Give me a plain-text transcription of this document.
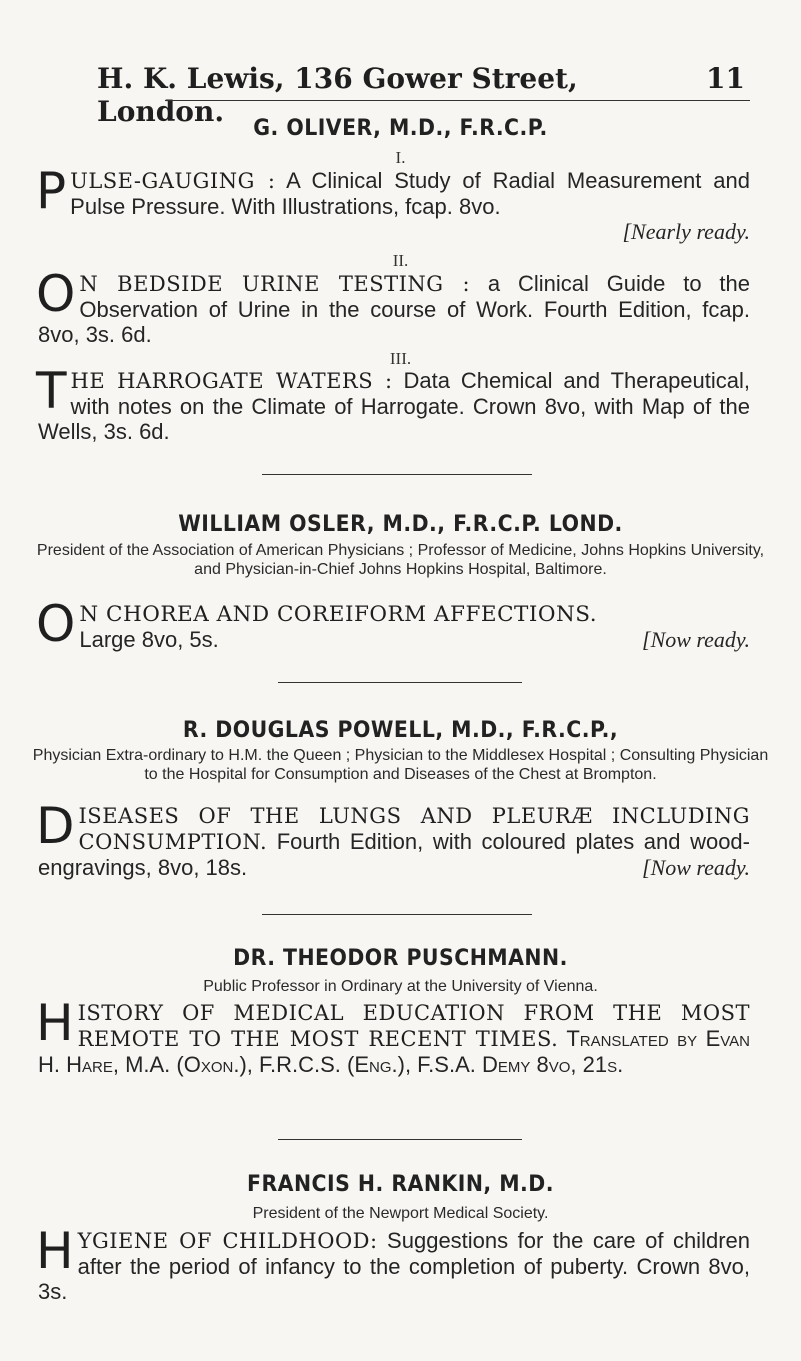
H. K. Lewis, 136 Gower Street, London.
11
G. OLIVER, M.D., F.R.C.P.
I.

PULSE-GAUGING : A Clinical Study of Radial Measurement and Pulse Pressure. With Illustrations, fcap. 8vo.
[Nearly ready.

II.

O N BEDSIDE URINE TESTING : a Clinical Guide to the Observation of Urine in the course of Work. Fourth Edition, fcap. 8vo, 3s. 6d.

III.

THE HARROGATE WATERS : Data Chemical and Therapeutical, with notes on the Climate of Harrogate. Crown 8vo, with Map of the Wells, 3s. 6d.

WILLIAM OSLER, M.D., F.R.C.P. LOND.
President of the Association of American Physicians ; Professor of Medicine, Johns Hopkins University, and Physician-in-Chief Johns Hopkins Hospital, Baltimore.

O N CHOREA AND COREIFORM AFFECTIONS.
Large 8vo, 5s.	[Now ready.

R. DOUGLAS POWELL, M.D., F.R.C.P.,
Physician Extra-ordinary to H.M. the Queen ; Physician to the Middlesex Hospital ; Consulting Physician to the Hospital for Consumption and Diseases of the Chest at Brompton.

DISEASES OF THE LUNGS AND PLEURÆ INCLUDING CONSUMPTION. Fourth Edition, with coloured plates and wood-engravings, 8vo, 18s.	[Now ready.

DR. THEODOR PUSCHMANN.
Public Professor in Ordinary at the University of Vienna.

HISTORY OF MEDICAL EDUCATION FROM THE MOST REMOTE TO THE MOST RECENT TIMES. Translated by Evan H. Hare, M.A. (Oxon.), F.R.C.S. (Eng.), F.S.A. Demy 8vo, 21s.

FRANCIS H. RANKIN, M.D.
President of the Newport Medical Society.

HYGIENE OF CHILDHOOD: Suggestions for the care of children after the period of infancy to the completion of puberty. Crown 8vo, 3s.
